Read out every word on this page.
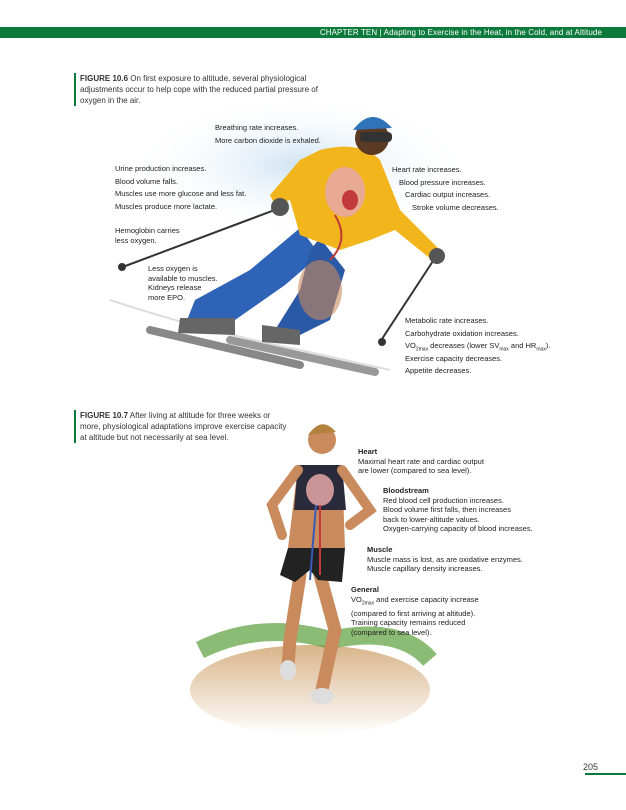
CHAPTER TEN | Adapting to Exercise in the Heat, in the Cold, and at Altitude
FIGURE 10.6 On first exposure to altitude, several physiological adjustments occur to help cope with the reduced partial pressure of oxygen in the air.
Breathing rate increases.
More carbon dioxide is exhaled.
Urine production increases.
Blood volume falls.
Muscles use more glucose and less fat.
Muscles produce more lactate.
Hemoglobin carries
less oxygen.
Less oxygen is
available to muscles.
Kidneys release
more EPO.
Heart rate increases.
Blood pressure increases.
Cardiac output increases.
Stroke volume decreases.
Metabolic rate increases.
Carbohydrate oxidation increases.
$VO_{2max}$ decreases (lower $SV_{max}$ and $HR_{max}$).
Exercise capacity decreases.
Appetite decreases.
FIGURE 10.7 After living at altitude for three weeks or more, physiological adaptations improve exercise capacity at altitude but not necessarily at sea level.
Heart
Maximal heart rate and cardiac output
are lower (compared to sea level).
Bloodstream
Red blood cell production increases.
Blood volume first falls, then increases
back to lower-altitude values.
Oxygen-carrying capacity of blood increases.
Muscle
Muscle mass is lost, as are oxidative enzymes.
Muscle capillary density increases.
General
$VO_{2max}$ and exercise capacity increase
(compared to first arriving at altitude).
Training capacity remains reduced
(compared to sea level).
205
